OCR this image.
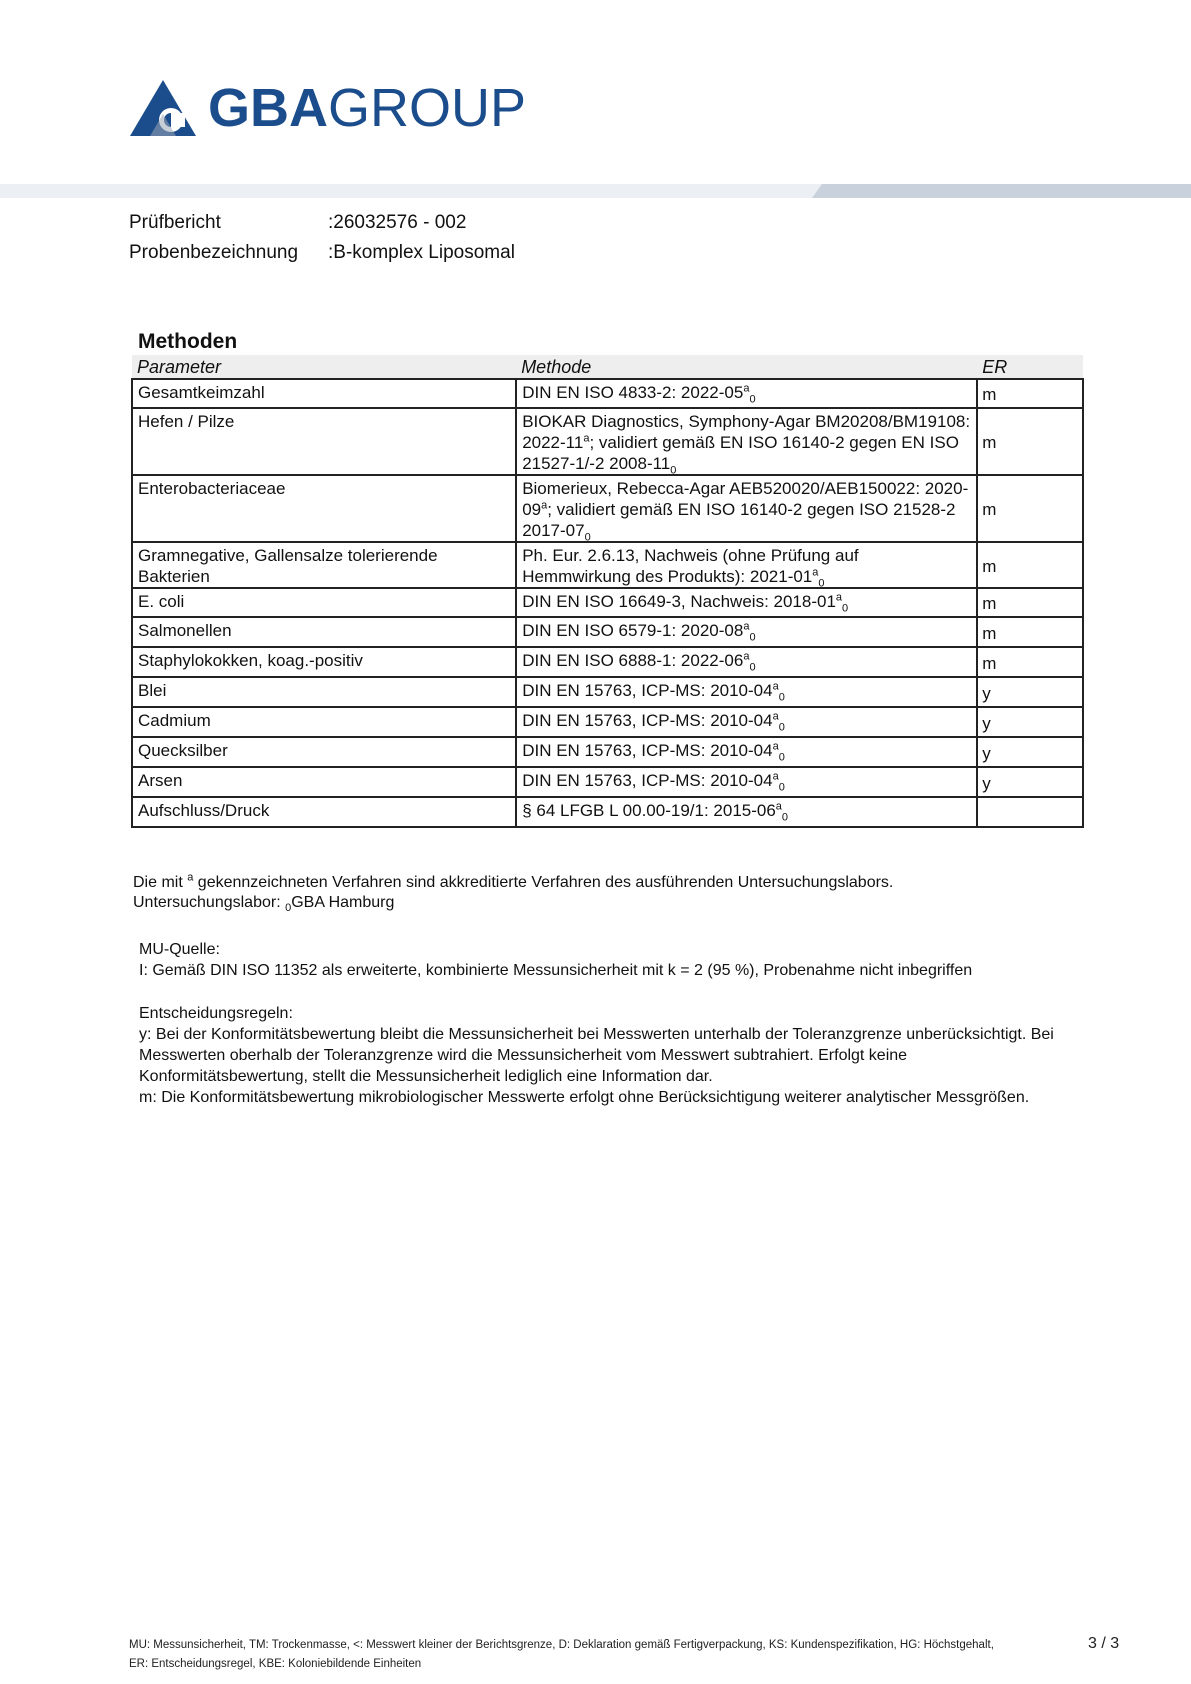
GBAGROUP
Prüfbericht	:26032576 - 002
Probenbezeichnung	:B-komplex Liposomal
Methoden
Parameter	Methode	ER
Gesamtkeimzahl	DIN EN ISO 4833-2: $2022-05^a_0$	m
Hefen / Pilze	BIOKAR Diagnostics, Symphony-Agar BM20208/BM19108: 2022-11$^a$; validiert gemäß EN ISO 16140-2 gegen EN ISO 21527-1/-2 $2008-11_0$	m
Enterobacteriaceae	Biomerieux, Rebecca-Agar AEB520020/AEB150022: 2020-09$^a$; validiert gemäß EN ISO 16140-2 gegen ISO 21528-2 $2017-07_0$	m
Gramnegative, Gallensalze tolerierende Bakterien	Ph. Eur. 2.6.13, Nachweis (ohne Prüfung auf Hemmwirkung des Produkts): $2021-01^a_0$	m
E. coli	DIN EN ISO 16649-3, Nachweis: $2018-01^a_0$	m
Salmonellen	DIN EN ISO 6579-1: $2020-08^a_0$	m
Staphylokokken, koag.-positiv	DIN EN ISO 6888-1: $2022-06^a_0$	m
Blei	DIN EN 15763, ICP-MS: $2010-04^a_0$	y
Cadmium	DIN EN 15763, ICP-MS: $2010-04^a_0$	y
Quecksilber	DIN EN 15763, ICP-MS: $2010-04^a_0$	y
Arsen	DIN EN 15763, ICP-MS: $2010-04^a_0$	y
Aufschluss/Druck	§ 64 LFGB L 00.00-19/1: $2015-06^a_0$	
Die mit $^a$ gekennzeichneten Verfahren sind akkreditierte Verfahren des ausführenden Untersuchungslabors.
Untersuchungslabor: $_0$GBA Hamburg
MU-Quelle:
I: Gemäß DIN ISO 11352 als erweiterte, kombinierte Messunsicherheit mit k = 2 (95 %), Probenahme nicht inbegriffen
Entscheidungsregeln:
y: Bei der Konformitätsbewertung bleibt die Messunsicherheit bei Messwerten unterhalb der Toleranzgrenze unberücksichtigt. Bei Messwerten oberhalb der Toleranzgrenze wird die Messunsicherheit vom Messwert subtrahiert. Erfolgt keine Konformitätsbewertung, stellt die Messunsicherheit lediglich eine Information dar.
m: Die Konformitätsbewertung mikrobiologischer Messwerte erfolgt ohne Berücksichtigung weiterer analytischer Messgrößen.
MU: Messunsicherheit, TM: Trockenmasse, <: Messwert kleiner der Berichtsgrenze, D: Deklaration gemäß Fertigverpackung, KS: Kundenspezifikation, HG: Höchstgehalt,
ER: Entscheidungsregel, KBE: Koloniebildende Einheiten
3 / 3
